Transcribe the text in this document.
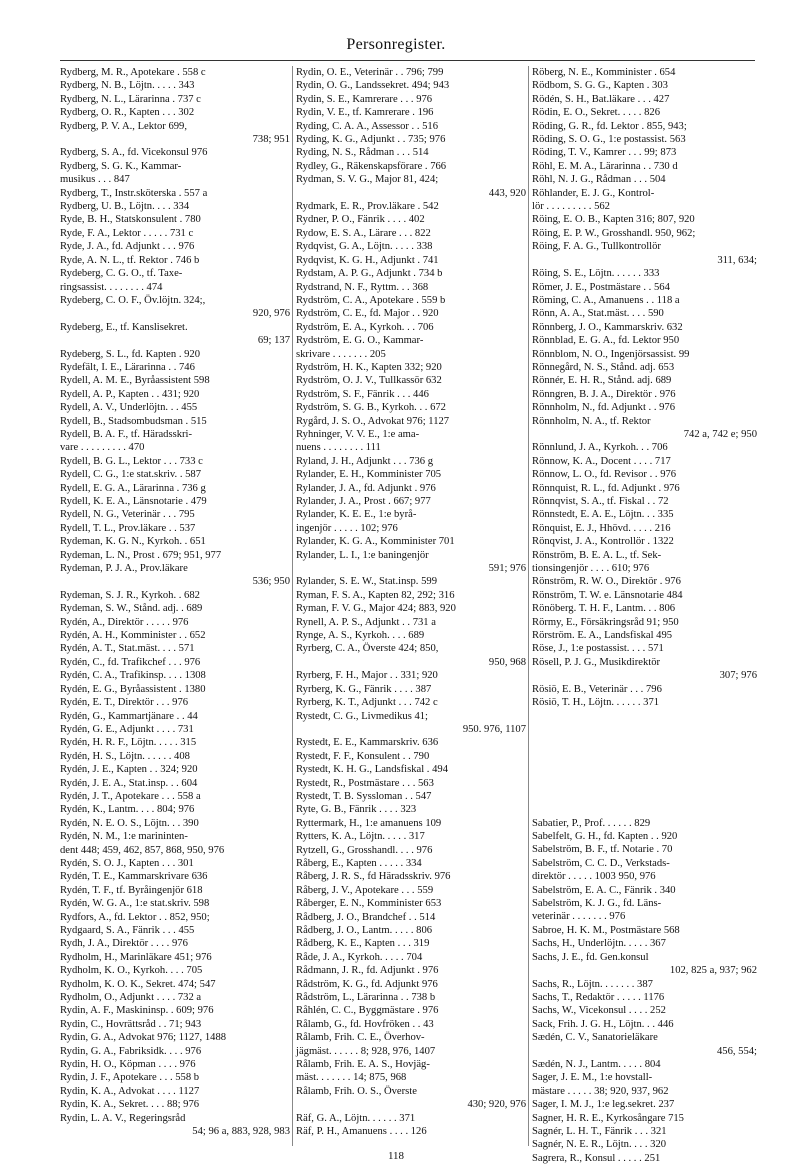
Personregister.
Rydberg, M. R., Apotekare . 558 c
Rydberg, N. B., Löjtn. . . . . 343
Rydberg, N. L., Lärarinna . 737 c
Rydberg, O. R., Kapten . . . 302
Rydberg, P. V. A., Lektor 699,
738; 951
Rydberg, S. A., fd. Vicekonsul 976
Rydberg, S. G. K., Kammar-
musikus . . . 847
Rydberg, T., Instr.sköterska . 557 a
Rydberg, U. B., Löjtn. . . . 334
Ryde, B. H., Statskonsulent . 780
Ryde, F. A., Lektor . . . . . 731 c
Ryde, J. A., fd. Adjunkt . . . 976
Ryde, A. N. L., tf. Rektor . 746 b
Rydeberg, C. G. O., tf. Taxe-
ringsassist. . . . . . . . 474
Rydeberg, C. O. F., Öv.löjtn. 324;,
920, 976
Rydeberg, E., tf. Kanslisekret.
69; 137
Rydeberg, S. L., fd. Kapten . 920
Rydefält, I. E., Lärarinna . . 746
Rydell, A. M. E., Byråassistent 598
Rydell, A. P., Kapten . . 431; 920
Rydell, A. V., Underlöjtn. . . 455
Rydell, B., Stadsombudsman . 515
Rydell, B. A. F., tf. Häradsskri-
vare . . . . . . . . . 470
Rydell, B. G. L., Lektor . . . 733 c
Rydell, C. G., 1:e stat.skriv. . 587
Rydell, E. G. A., Lärarinna . 736 g
Rydell, K. E. A., Länsnotarie . 479
Rydell, N. G., Veterinär . . . 795
Rydell, T. L., Prov.läkare . . 537
Rydeman, K. G. N., Kyrkoh. . 651
Rydeman, L. N., Prost . 679; 951, 977
Rydeman, P. J. A., Prov.läkare
536; 950
Rydeman, S. J. R., Kyrkoh. . 682
Rydeman, S. W., Stånd. adj. . 689
Rydén, A., Direktör . . . . . 976
Rydén, A. H., Komminister . . 652
Rydén, A. T., Stat.mäst. . . . 571
Rydén, C., fd. Trafikchef . . . 976
Rydén, C. A., Trafikinsp. . . . 1308
Rydén, E. G., Byråassistent . 1380
Rydén, E. T., Direktör . . . 976
Rydén, G., Kammartjänare . . 44
Rydén, G. E., Adjunkt . . . . 731
Rydén, H. R. F., Löjtn. . . . . 315
Rydén, H. S., Löjtn. . . . . . 408
Rydén, J. E., Kapten . . 324; 920
Rydén, J. E. A., Stat.insp. . . 604
Rydén, J. T., Apotekare . . . 558 a
Rydén, K., Lantm. . . . 804; 976
Rydén, N. E. O. S., Löjtn. . . 390
Rydén, N. M., 1:e marininten-
dent 448; 459, 462, 857, 868, 950, 976
Rydén, S. O. J., Kapten . . . 301
Rydén, T. E., Kammarskrivare 636
Rydén, T. F., tf. Byråingenjör 618
Rydén, W. G. A., 1:e stat.skriv. 598
Rydfors, A., fd. Lektor . . 852, 950;
Rydgaard, S. A., Fänrik . . . 455
Rydh, J. A., Direktör . . . . 976
Rydholm, H., Marinläkare 451; 976
Rydholm, K. O., Kyrkoh. . . . 705
Rydholm, K. O. K., Sekret. 474; 547
Rydholm, O., Adjunkt . . . . 732 a
Rydin, A. F., Maskininsp. . 609; 976
Rydin, C., Hovrättsråd . . 71; 943
Rydin, G. A., Advokat 976; 1127, 1488
Rydin, G. A., Fabriksidk. . . . 976
Rydin, H. O., Köpman . . . . 976
Rydin, J. F., Apotekare . . . 558 b
Rydin, K. A., Advokat . . . . 1127
Rydin, K. A., Sekret. . . . 88; 976
Rydin, L. A. V., Regeringsråd
54; 96 a, 883, 928, 983
Rydin, O. E., Veterinär . . 796; 799
Rydin, O. G., Landssekret. 494; 943
Rydin, S. E., Kamrerare . . . 976
Rydin, V. E., tf. Kamrerare . 196
Ryding, C. A. A., Assessor . . 516
Ryding, K. G., Adjunkt . . 735; 976
Ryding, N. S., Rådman . . . 514
Rydley, G., Räkenskapsförare . 766
Rydman, S. V. G., Major 81, 424;
443, 920
Rydmark, E. R., Prov.läkare . 542
Rydner, P. O., Fänrik . . . . 402
Rydow, E. S. A., Lärare . . . 822
Rydqvist, G. A., Löjtn. . . . . 338
Rydqvist, K. G. H., Adjunkt . 741
Rydstam, A. P. G., Adjunkt . 734 b
Rydstrand, N. F., Ryttm. . . 368
Rydström, C. A., Apotekare . 559 b
Rydström, C. E., fd. Major . . 920
Rydström, E. A., Kyrkoh. . . 706
Rydström, E. G. O., Kammar-
skrivare . . . . . . . 205
Rydström, H. K., Kapten 332; 920
Rydström, O. J. V., Tullkassör 632
Rydström, S. F., Fänrik . . . 446
Rydström, S. G. B., Kyrkoh. . . 672
Rygård, J. S. O., Advokat 976; 1127
Ryhninger, V. V. E., 1:e ama-
nuens . . . . . . . . 111
Ryland, J. H., Adjunkt . . . 736 g
Rylander, E. H., Komminister 705
Rylander, J. A., fd. Adjunkt . 976
Rylander, J. A., Prost . 667; 977
Rylander, K. E. E., 1:e byrå-
ingenjör . . . . . 102; 976
Rylander, K. G. A., Komminister 701
Rylander, L. I., 1:e baningenjör
591; 976
Rylander, S. E. W., Stat.insp. 599
Ryman, F. S. A., Kapten 82, 292; 316
Ryman, F. V. G., Major 424; 883, 920
Rynell, A. P. S., Adjunkt . . 731 a
Rynge, A. S., Kyrkoh. . . . 689
Ryrberg, C. A., Överste 424; 850,
950, 968
Ryrberg, F. H., Major . . 331; 920
Ryrberg, K. G., Fänrik . . . . 387
Ryrberg, K. T., Adjunkt . . . 742 c
Rystedt, C. G., Livmedikus 41;
950. 976, 1107
Rystedt, E. E., Kammarskriv. 636
Rystedt, F. F., Konsulent . . 790
Rystedt, K. H. G., Landsfiskal . 494
Rystedt, R., Postmästare . . . 563
Rystedt, T. B. Syssloman . . 547
Ryte, G. B., Fänrik . . . . 323
Ryttermark, H., 1:e amanuens 109
Rytters, K. A., Löjtn. . . . . 317
Rytzell, G., Grosshandl. . . . 976
Råberg, E., Kapten . . . . . 334
Råberg, J. R. S., fd Häradsskriv. 976
Råberg, J. V., Apotekare . . . 559
Råberger, E. N., Komminister 653
Rådberg, J. O., Brandchef . . 514
Rådberg, J. O., Lantm. . . . . 806
Rådberg, K. E., Kapten . . . 319
Råde, J. A., Kyrkoh. . . . . 704
Rådmann, J. R., fd. Adjunkt . 976
Rådström, K. G., fd. Adjunkt 976
Rådström, L., Lärarinna . . 738 b
Råhlén, C. C., Byggmästare . 976
Rålamb, G., fd. Hovfröken . . 43
Rålamb, Frih. C. E., Överhov-
jägmäst. . . . . . 8; 928, 976, 1407
Rålamb, Frih. E. A. S., Hovjäg-
mäst. . . . . . . 14; 875, 968
Rålamb, Frih. O. S., Överste
430; 920, 976
Räf, G. A., Löjtn. . . . . . 371
Räf, P. H., Amanuens . . . . 126
Röberg, N. E., Komminister . 654
Rödbom, S. G. G., Kapten . 303
Rödén, S. H., Bat.läkare . . . 427
Rödin, E. O., Sekret. . . . . 826
Röding, G. R., fd. Lektor . 855, 943;
Röding, S. O. G., 1:e postassist. 563
Röding, T. V., Kamrer . . . 99; 873
Röhl, E. M. A., Lärarinna . . 730 d
Röhl, N. J. G., Rådman . . . 504
Röhlander, E. J. G., Kontrol-
lör . . . . . . . . . 562
Röing, E. O. B., Kapten 316; 807, 920
Röing, E. P. W., Grosshandl. 950, 962;
Röing, F. A. G., Tullkontrollör
311, 634;
Röing, S. E., Löjtn. . . . . . 333
Römer, J. E., Postmästare . . 564
Röming, C. A., Amanuens . . 118 a
Rönn, A. A., Stat.mäst. . . . 590
Rönnberg, J. O., Kammarskriv. 632
Rönnblad, E. G. A., fd. Lektor 950
Rönnblom, N. O., Ingenjörsassist. 99
Rönnegård, N. S., Stånd. adj. 653
Rönnér, E. H. R., Stånd. adj. 689
Rönngren, B. J. A., Direktör . 976
Rönnholm, N., fd. Adjunkt . . 976
Rönnholm, N. A., tf. Rektor
742 a, 742 e; 950
Rönnlund, J. A., Kyrkoh. . . 706
Rönnow, K. A., Docent . . . . 717
Rönnow, L. O., fd. Revisor . . 976
Rönnquist, R. L., fd. Adjunkt . 976
Rönnqvist, S. A., tf. Fiskal . . 72
Rönnstedt, E. A. E., Löjtn. . . 335
Rönquist, E. J., Hhövd. . . . . 216
Rönqvist, J. A., Kontrollör . 1322
Rönström, B. E. A. L., tf. Sek-
tionsingenjör . . . . 610; 976
Rönström, R. W. O., Direktör . 976
Rönström, T. W. e. Länsnotarie 484
Rönöberg. T. H. F., Lantm. . . 806
Rörmy, E., Försäkringsråd 91; 950
Rörström. E. A., Landsfiskal 495
Röse, J., 1:e postassist. . . . 571
Rösell, P. J. G., Musikdirektör
307; 976
Rösiö, E. B., Veterinär . . . 796
Rösiö, T. H., Löjtn. . . . . . 371
Sabatier, P., Prof. . . . . . 829
Sabelfelt, G. H., fd. Kapten . . 920
Sabelström, B. F., tf. Notarie . 70
Sabelström, C. C. D., Verkstads-
direktör . . . . . 1003 950, 976
Sabelström, E. A. C., Fänrik . 340
Sabelström, K. J. G., fd. Läns-
veterinär . . . . . . . 976
Sabroe, H. K. M., Postmästare 568
Sachs, H., Underlöjtn. . . . . 367
Sachs, J. E., fd. Gen.konsul
102, 825 a, 937; 962
Sachs, R., Löjtn. . . . . . . 387
Sachs, T., Redaktör . . . . . 1176
Sachs, W., Vicekonsul . . . . 252
Sack, Frih. J. G. H., Löjtn. . . 446
Sædén, C. V., Sanatorieläkare
456, 554;
Sædén, N. J., Lantm. . . . . 804
Sager, J. E. M., 1:e hovstall-
mästare . . . . . 38; 920, 937, 962
Sager, I. M. J., 1:e leg.sekret. 237
Sagner, H. R. E., Kyrkosångare 715
Sagnér, L. H. T., Fänrik . . . 321
Sagnér, N. E. R., Löjtn. . . . 320
Sagrera, R., Konsul . . . . . 251
118
